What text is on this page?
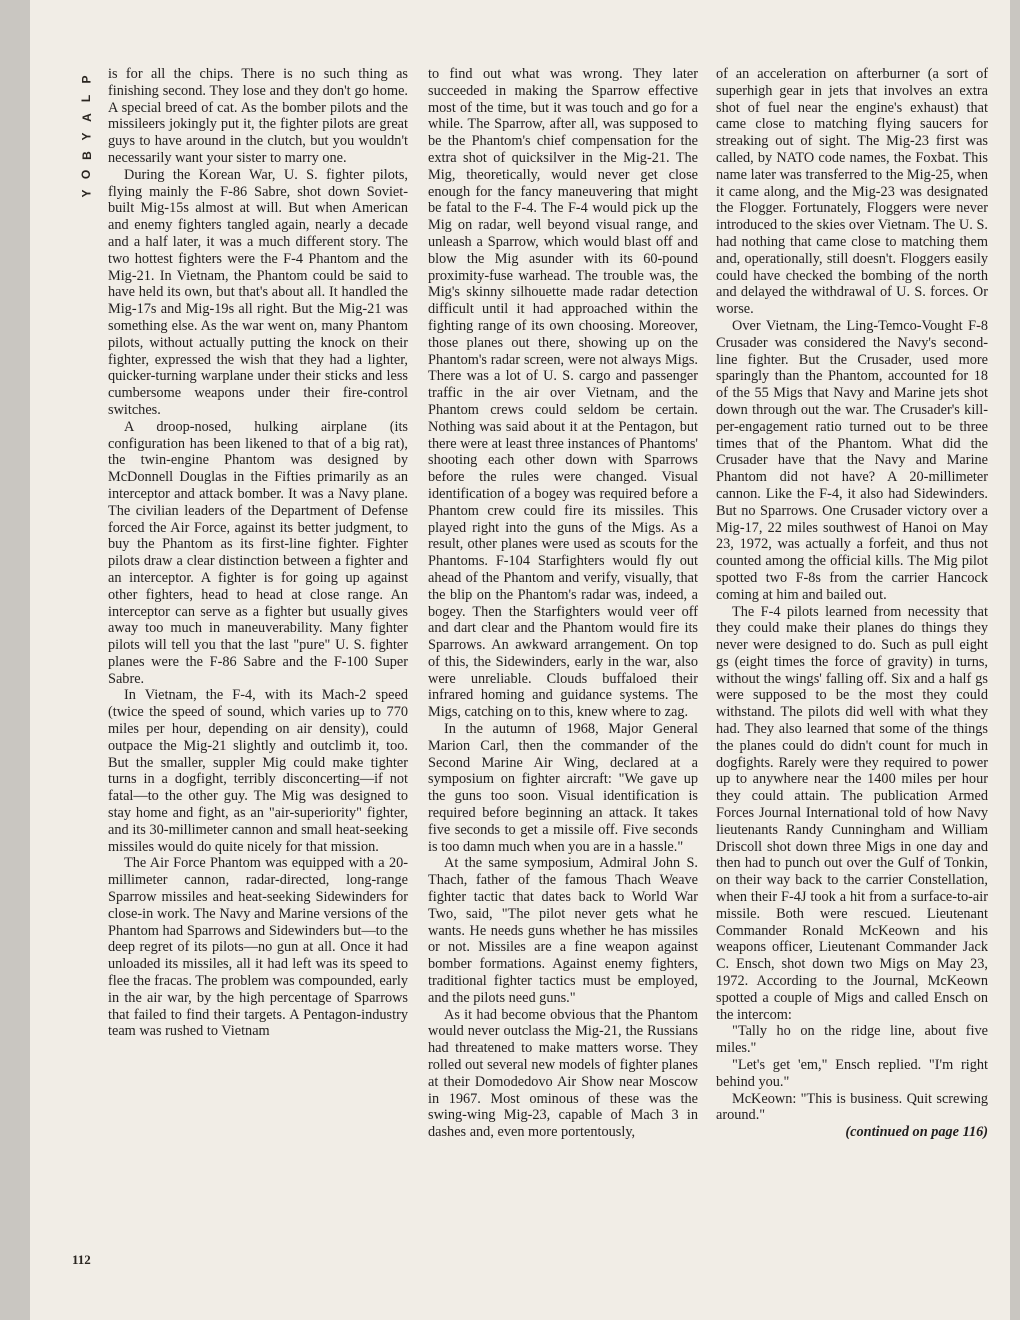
P
L
A
Y
B
O
Y

is for all the chips. There is no such thing as finishing second. They lose and they don't go home. A special breed of cat. As the bomber pilots and the missileers jokingly put it, the fighter pilots are great guys to have around in the clutch, but you wouldn't necessarily want your sister to marry one.

During the Korean War, U. S. fighter pilots, flying mainly the F-86 Sabre, shot down Soviet-built Mig-15s almost at will. But when American and enemy fighters tangled again, nearly a decade and a half later, it was a much different story. The two hottest fighters were the F-4 Phantom and the Mig-21. In Vietnam, the Phantom could be said to have held its own, but that's about all. It handled the Mig-17s and Mig-19s all right. But the Mig-21 was something else. As the war went on, many Phantom pilots, without actually putting the knock on their fighter, expressed the wish that they had a lighter, quicker-turning warplane under their sticks and less cumbersome weapons under their fire-control switches.

A droop-nosed, hulking airplane (its configuration has been likened to that of a big rat), the twin-engine Phantom was designed by McDonnell Douglas in the Fifties primarily as an interceptor and attack bomber. It was a Navy plane. The civilian leaders of the Department of Defense forced the Air Force, against its better judgment, to buy the Phantom as its first-line fighter. Fighter pilots draw a clear distinction between a fighter and an interceptor. A fighter is for going up against other fighters, head to head at close range. An interceptor can serve as a fighter but usually gives away too much in maneuverability. Many fighter pilots will tell you that the last "pure" U. S. fighter planes were the F-86 Sabre and the F-100 Super Sabre.

In Vietnam, the F-4, with its Mach-2 speed (twice the speed of sound, which varies up to 770 miles per hour, depending on air density), could outpace the Mig-21 slightly and outclimb it, too. But the smaller, suppler Mig could make tighter turns in a dogfight, terribly disconcerting—if not fatal—to the other guy. The Mig was designed to stay home and fight, as an "air-superiority" fighter, and its 30-millimeter cannon and small heat-seeking missiles would do quite nicely for that mission.

The Air Force Phantom was equipped with a 20-millimeter cannon, radar-directed, long-range Sparrow missiles and heat-seeking Sidewinders for close-in work. The Navy and Marine versions of the Phantom had Sparrows and Sidewinders but—to the deep regret of its pilots—no gun at all. Once it had unloaded its missiles, all it had left was its speed to flee the fracas. The problem was compounded, early in the air war, by the high percentage of Sparrows that failed to find their targets. A Pentagon-industry team was rushed to Vietnam

to find out what was wrong. They later succeeded in making the Sparrow effective most of the time, but it was touch and go for a while. The Sparrow, after all, was supposed to be the Phantom's chief compensation for the extra shot of quicksilver in the Mig-21. The Mig, theoretically, would never get close enough for the fancy maneuvering that might be fatal to the F-4. The F-4 would pick up the Mig on radar, well beyond visual range, and unleash a Sparrow, which would blast off and blow the Mig asunder with its 60-pound proximity-fuse warhead. The trouble was, the Mig's skinny silhouette made radar detection difficult until it had approached within the fighting range of its own choosing. Moreover, those planes out there, showing up on the Phantom's radar screen, were not always Migs. There was a lot of U. S. cargo and passenger traffic in the air over Vietnam, and the Phantom crews could seldom be certain. Nothing was said about it at the Pentagon, but there were at least three instances of Phantoms' shooting each other down with Sparrows before the rules were changed. Visual identification of a bogey was required before a Phantom crew could fire its missiles. This played right into the guns of the Migs. As a result, other planes were used as scouts for the Phantoms. F-104 Starfighters would fly out ahead of the Phantom and verify, visually, that the blip on the Phantom's radar was, indeed, a bogey. Then the Starfighters would veer off and dart clear and the Phantom would fire its Sparrows. An awkward arrangement. On top of this, the Sidewinders, early in the war, also were unreliable. Clouds buffaloed their infrared homing and guidance systems. The Migs, catching on to this, knew where to zag.

In the autumn of 1968, Major General Marion Carl, then the commander of the Second Marine Air Wing, declared at a symposium on fighter aircraft: "We gave up the guns too soon. Visual identification is required before beginning an attack. It takes five seconds to get a missile off. Five seconds is too damn much when you are in a hassle."

At the same symposium, Admiral John S. Thach, father of the famous Thach Weave fighter tactic that dates back to World War Two, said, "The pilot never gets what he wants. He needs guns whether he has missiles or not. Missiles are a fine weapon against bomber formations. Against enemy fighters, traditional fighter tactics must be employed, and the pilots need guns."

As it had become obvious that the Phantom would never outclass the Mig-21, the Russians had threatened to make matters worse. They rolled out several new models of fighter planes at their Domodedovo Air Show near Moscow in 1967. Most ominous of these was the swing-wing Mig-23, capable of Mach 3 in dashes and, even more portentously,

of an acceleration on afterburner (a sort of superhigh gear in jets that involves an extra shot of fuel near the engine's exhaust) that came close to matching flying saucers for streaking out of sight. The Mig-23 first was called, by NATO code names, the Foxbat. This name later was transferred to the Mig-25, when it came along, and the Mig-23 was designated the Flogger. Fortunately, Floggers were never introduced to the skies over Vietnam. The U. S. had nothing that came close to matching them and, operationally, still doesn't. Floggers easily could have checked the bombing of the north and delayed the withdrawal of U. S. forces. Or worse.

Over Vietnam, the Ling-Temco-Vought F-8 Crusader was considered the Navy's second-line fighter. But the Crusader, used more sparingly than the Phantom, accounted for 18 of the 55 Migs that Navy and Marine jets shot down through out the war. The Crusader's kill-per-engagement ratio turned out to be three times that of the Phantom. What did the Crusader have that the Navy and Marine Phantom did not have? A 20-millimeter cannon. Like the F-4, it also had Sidewinders. But no Sparrows. One Crusader victory over a Mig-17, 22 miles southwest of Hanoi on May 23, 1972, was actually a forfeit, and thus not counted among the official kills. The Mig pilot spotted two F-8s from the carrier Hancock coming at him and bailed out.

The F-4 pilots learned from necessity that they could make their planes do things they never were designed to do. Such as pull eight gs (eight times the force of gravity) in turns, without the wings' falling off. Six and a half gs were supposed to be the most they could withstand. The pilots did well with what they had. They also learned that some of the things the planes could do didn't count for much in dogfights. Rarely were they required to power up to anywhere near the 1400 miles per hour they could attain. The publication Armed Forces Journal International told of how Navy lieutenants Randy Cunningham and William Driscoll shot down three Migs in one day and then had to punch out over the Gulf of Tonkin, on their way back to the carrier Constellation, when their F-4J took a hit from a surface-to-air missile. Both were rescued. Lieutenant Commander Ronald McKeown and his weapons officer, Lieutenant Commander Jack C. Ensch, shot down two Migs on May 23, 1972. According to the Journal, McKeown spotted a couple of Migs and called Ensch on the intercom:

"Tally ho on the ridge line, about five miles."

"Let's get 'em," Ensch replied. "I'm right behind you."

McKeown: "This is business. Quit screwing around."

(continued on page 116)

112
